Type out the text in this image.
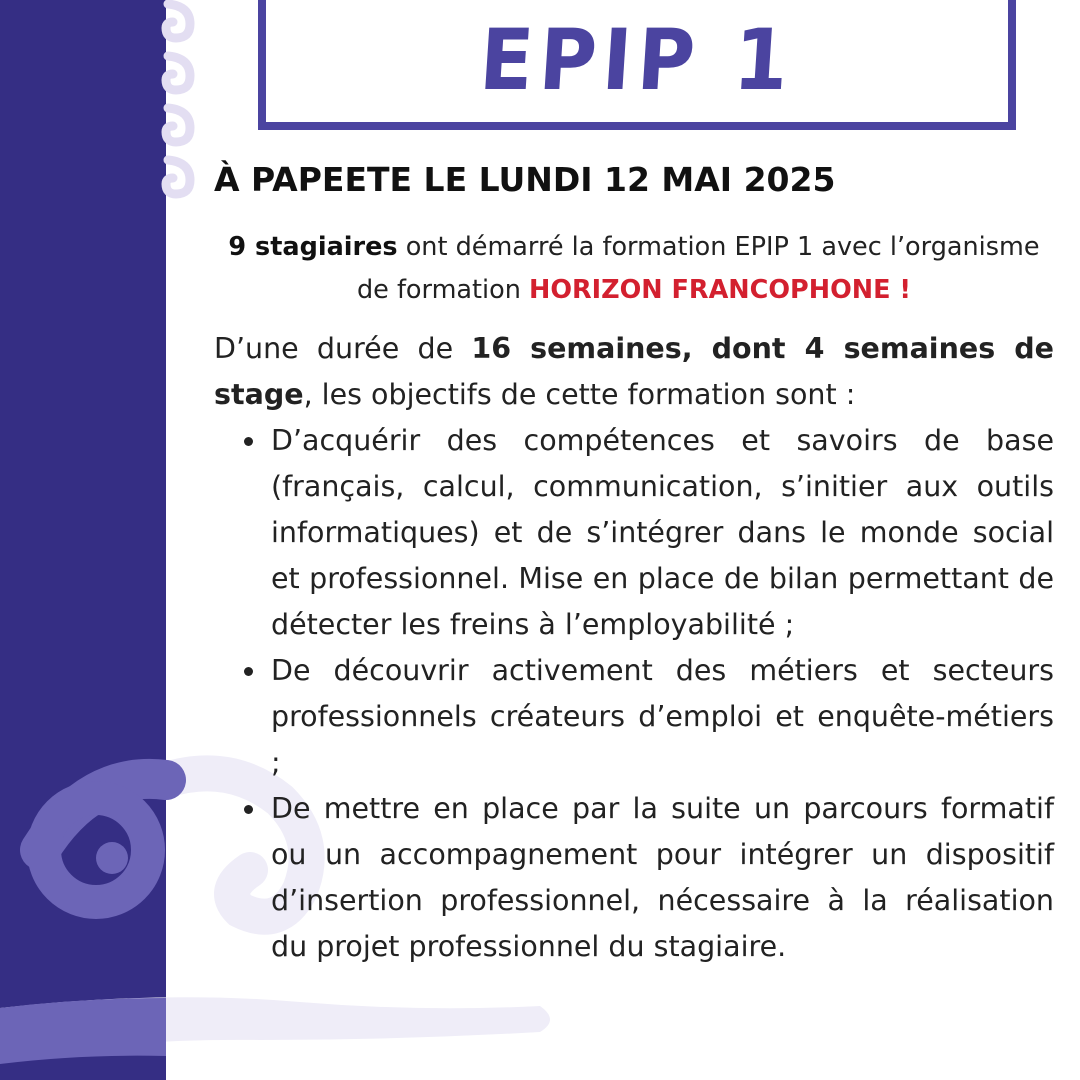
EPIP 1
À PAPEETE LE LUNDI 12 MAI 2025
9 stagiaires ont démarré la formation EPIP 1 avec l’organisme de formation HORIZON FRANCOPHONE !
D’une durée de 16 semaines, dont 4 semaines de stage, les objectifs de cette formation sont :
D’acquérir des compétences et savoirs de base (français, calcul, communication, s’initier aux outils informatiques) et de s’intégrer dans le monde social et professionnel. Mise en place de bilan permettant de détecter les freins à l’employabilité ;
De découvrir activement des métiers et secteurs professionnels créateurs d’emploi et enquête-métiers ;
De mettre en place par la suite un parcours formatif ou un accompagnement pour intégrer un dispositif d’insertion professionnel, nécessaire à la réalisation du projet professionnel du stagiaire.
